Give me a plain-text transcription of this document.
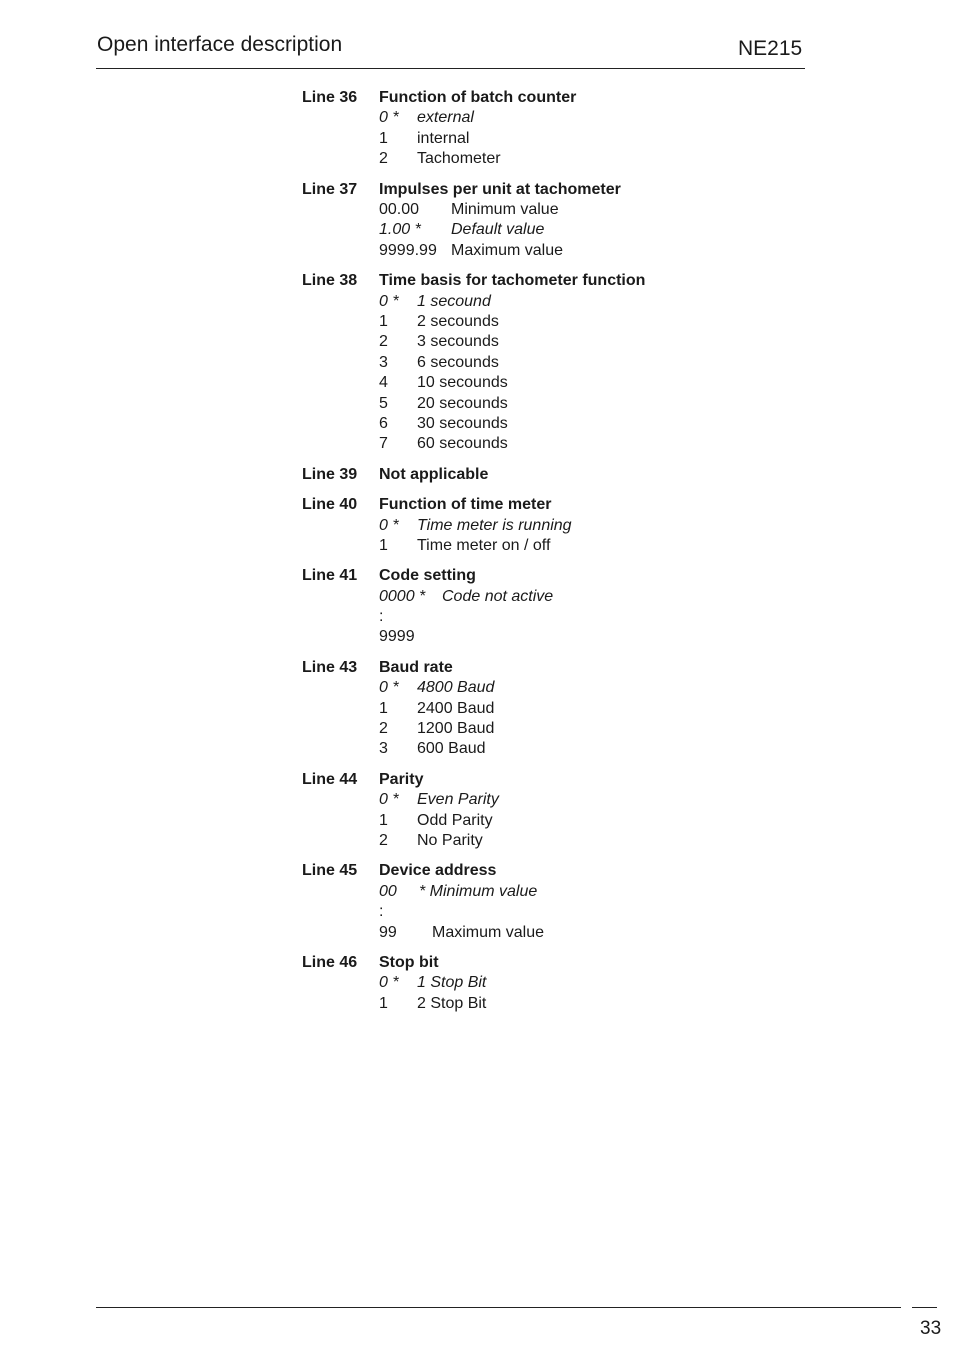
Open interface description	NE215
Line 36 Function of batch counter
0 * external
1 internal
2 Tachometer
Line 37 Impulses per unit at tachometer
00.00 Minimum value
1.00 * Default value
9999.99 Maximum value
Line 38 Time basis for tachometer function
0 * 1 secound
1 2 secounds
2 3 secounds
3 6 secounds
4 10 secounds
5 20 secounds
6 30 secounds
7 60 secounds
Line 39 Not applicable
Line 40 Function of time meter
0 * Time meter is running
1 Time meter on / off
Line 41 Code setting
0000 * Code not active
:
9999
Line 43 Baud rate
0 * 4800 Baud
1 2400 Baud
2 1200 Baud
3 600 Baud
Line 44 Parity
0 * Even Parity
1 Odd Parity
2 No Parity
Line 45 Device address
00 * Minimum value
:
99 Maximum value
Line 46 Stop bit
0 * 1 Stop Bit
1 2 Stop Bit
33
